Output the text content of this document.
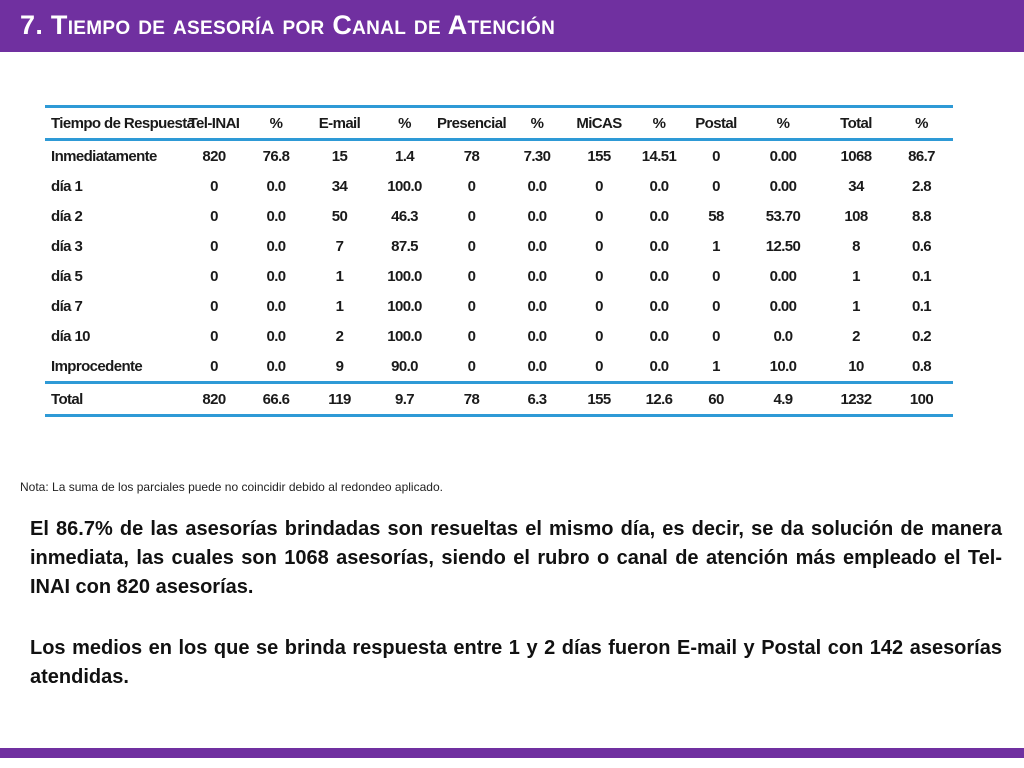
7. Tiempo de asesoría por Canal de Atención
Tiempo de Respuesta	Tel-INAI	%	E-mail	%	Presencial	%	MiCAS	%	Postal	%	Total	%
Inmediatamente	820	76.8	15	1.4	78	7.30	155	14.51	0	0.00	1068	86.7
día 1	0	0.0	34	100.0	0	0.0	0	0.0	0	0.00	34	2.8
día 2	0	0.0	50	46.3	0	0.0	0	0.0	58	53.70	108	8.8
día 3	0	0.0	7	87.5	0	0.0	0	0.0	1	12.50	8	0.6
día 5	0	0.0	1	100.0	0	0.0	0	0.0	0	0.00	1	0.1
día 7	0	0.0	1	100.0	0	0.0	0	0.0	0	0.00	1	0.1
día 10	0	0.0	2	100.0	0	0.0	0	0.0	0	0.0	2	0.2
Improcedente	0	0.0	9	90.0	0	0.0	0	0.0	1	10.0	10	0.8
Total	820	66.6	119	9.7	78	6.3	155	12.6	60	4.9	1232	100
Nota: La suma de los parciales puede no coincidir debido al redondeo aplicado.

El 86.7% de las asesorías brindadas son resueltas el mismo día, es decir, se da solución de manera inmediata, las cuales son 1068 asesorías, siendo el rubro o canal de atención más empleado el Tel-INAI con 820 asesorías.

Los medios en los que se brinda respuesta entre 1 y 2 días fueron E-mail y Postal con 142 asesorías atendidas.
